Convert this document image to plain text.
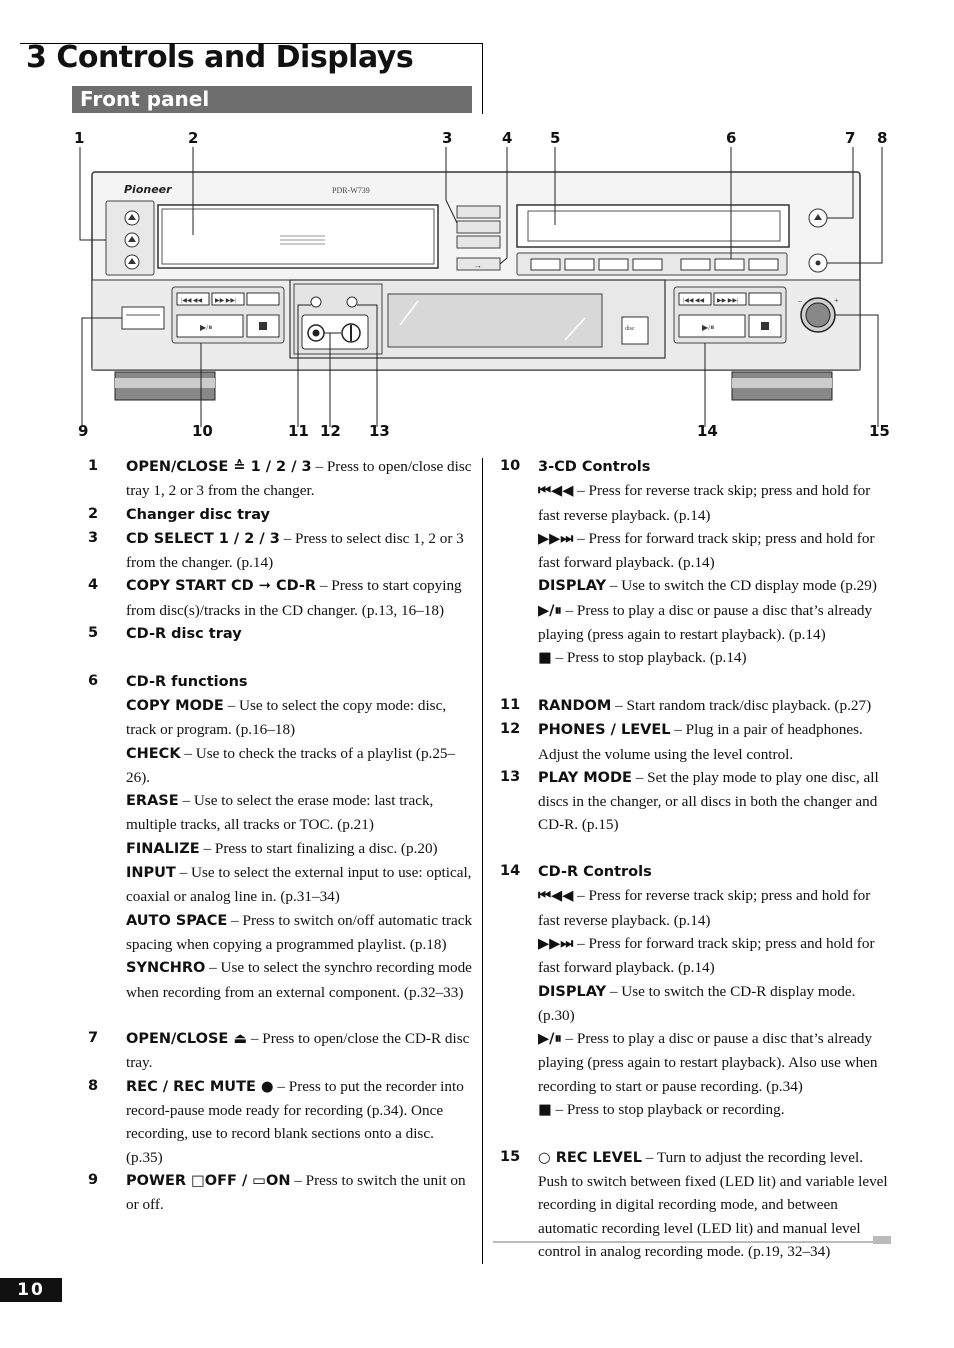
3 Controls and Displays
Front panel
Pioneer	PDR-W739
→
|◀◀ ◀◀ ▶▶ ▶▶|
▶/⏸	disc
|◀◀ ◀◀ ▶▶ ▶▶|
▶/⏸
–	+
1	2	3	4	5	6	7 8
9	10	11 12 13	14	15
1 OPEN/CLOSE ≙ 1 / 2 / 3 – Press to open/close disc tray 1, 2 or 3 from the changer.
2 Changer disc tray
3 CD SELECT 1 / 2 / 3 – Press to select disc 1, 2 or 3 from the changer. (p.14)
4 COPY START CD ➞ CD-R – Press to start copying from disc(s)/tracks in the CD changer. (p.13, 16–18)
5 CD-R disc tray
6 CD-R functions
COPY MODE – Use to select the copy mode: disc, track or program. (p.16–18)
CHECK – Use to check the tracks of a playlist (p.25–26).
ERASE – Use to select the erase mode: last track, multiple tracks, all tracks or TOC. (p.21)
FINALIZE – Press to start finalizing a disc. (p.20)
INPUT – Use to select the external input to use: optical, coaxial or analog line in. (p.31–34)
AUTO SPACE – Press to switch on/off automatic track spacing when copying a programmed playlist. (p.18)
SYNCHRO – Use to select the synchro recording mode when recording from an external component. (p.32–33)
7 OPEN/CLOSE ⏏ – Press to open/close the CD-R disc tray.
8 REC / REC MUTE ● – Press to put the recorder into record-pause mode ready for recording (p.34). Once recording, use to record blank sections onto a disc. (p.35)
9 POWER □OFF / ▭ON – Press to switch the unit on or off.
10 3-CD Controls
⏮◀◀ – Press for reverse track skip; press and hold for fast reverse playback. (p.14)
▶▶⏭ – Press for forward track skip; press and hold for fast forward playback. (p.14)
DISPLAY – Use to switch the CD display mode (p.29)
▶/⏸ – Press to play a disc or pause a disc that’s already playing (press again to restart playback). (p.14)
■ – Press to stop playback. (p.14)
11 RANDOM – Start random track/disc playback. (p.27)
12 PHONES / LEVEL – Plug in a pair of headphones. Adjust the volume using the level control.
13 PLAY MODE – Set the play mode to play one disc, all discs in the changer, or all discs in both the changer and CD-R. (p.15)
14 CD-R Controls
⏮◀◀ – Press for reverse track skip; press and hold for fast reverse playback. (p.14)
▶▶⏭ – Press for forward track skip; press and hold for fast forward playback. (p.14)
DISPLAY – Use to switch the CD-R display mode. (p.30)
▶/⏸ – Press to play a disc or pause a disc that’s already playing (press again to restart playback). Also use when recording to start or pause recording. (p.34)
■ – Press to stop playback or recording.
15 ○ REC LEVEL – Turn to adjust the recording level. Push to switch between fixed (LED lit) and variable level recording in digital recording mode, and between automatic recording level (LED lit) and manual level control in analog recording mode. (p.19, 32–34)
10
